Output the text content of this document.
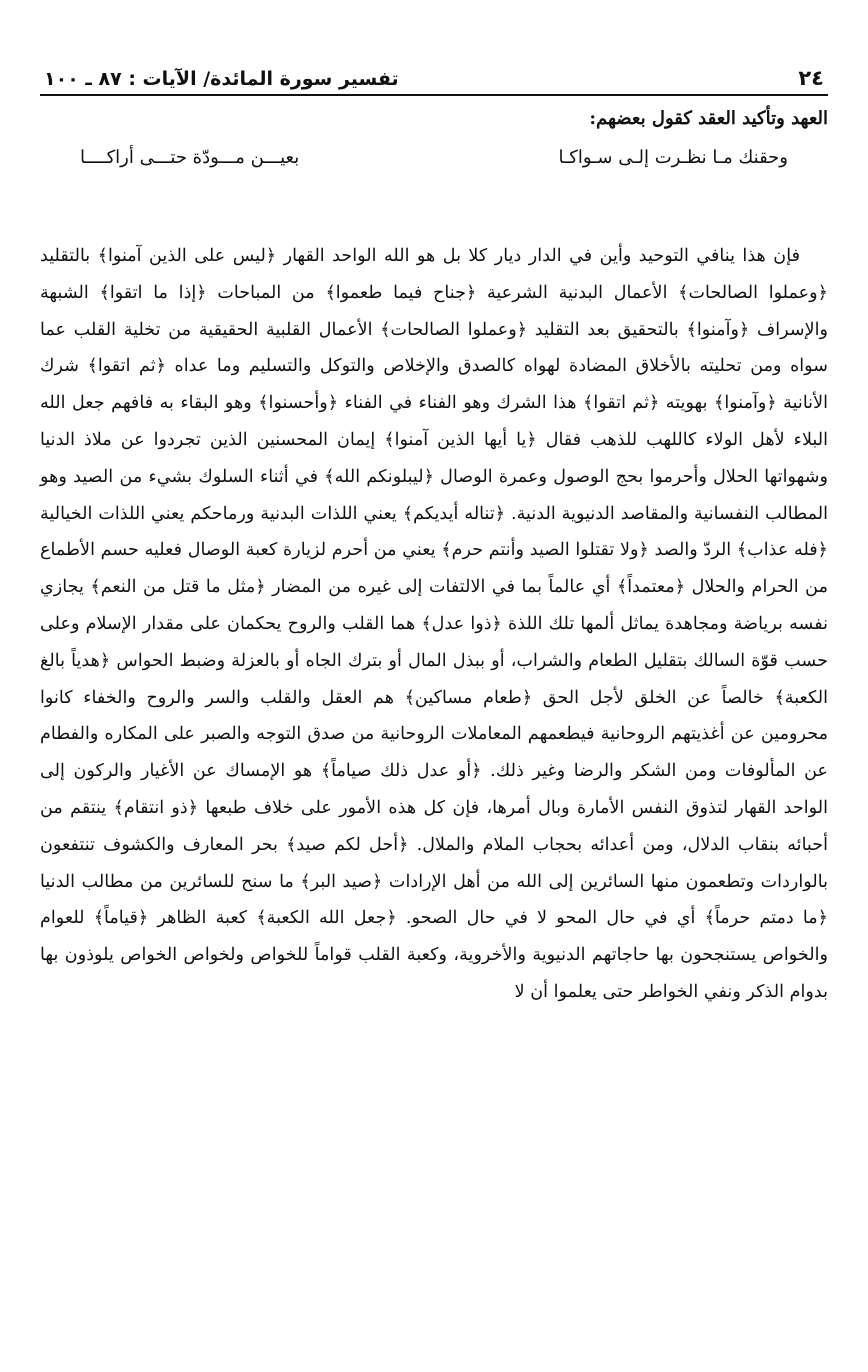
٢٤
تفسير سورة المائدة/ الآيات : ٨٧ ـ ١٠٠
العهد وتأكيد العقد كقول بعضهم:
وحقنك مـا نظـرت إلـى سـواكـا
بعيـــن مـــودّة حتـــى أراكــــا

فإن هذا ينافي التوحيد وأين في الدار ديار كلا بل هو الله الواحد القهار ﴿ليس على الذين آمنوا﴾ بالتقليد ﴿وعملوا الصالحات﴾ الأعمال البدنية الشرعية ﴿جناح فيما طعموا﴾ من المباحات ﴿إذا ما اتقوا﴾ الشبهة والإسراف ﴿وآمنوا﴾ بالتحقيق بعد التقليد ﴿وعملوا الصالحات﴾ الأعمال القلبية الحقيقية من تخلية القلب عما سواه ومن تحليته بالأخلاق المضادة لهواه كالصدق والإخلاص والتوكل والتسليم وما عداه ﴿ثم اتقوا﴾ شرك الأنانية ﴿وآمنوا﴾ بهويته ﴿ثم اتقوا﴾ هذا الشرك وهو الفناء في الفناء ﴿وأحسنوا﴾ وهو البقاء به فافهم جعل الله البلاء لأهل الولاء كاللهب للذهب فقال ﴿يا أيها الذين آمنوا﴾ إيمان المحسنين الذين تجردوا عن ملاذ الدنيا وشهواتها الحلال وأحرموا بحج الوصول وعمرة الوصال ﴿ليبلونكم الله﴾ في أثناء السلوك بشيء من الصيد وهو المطالب النفسانية والمقاصد الدنيوية الدنية. ﴿تناله أيديكم﴾ يعني اللذات البدنية ورماحكم يعني اللذات الخيالية ﴿فله عذاب﴾ الردّ والصد ﴿ولا تقتلوا الصيد وأنتم حرم﴾ يعني من أحرم لزيارة كعبة الوصال فعليه حسم الأطماع من الحرام والحلال ﴿معتمداً﴾ أي عالماً بما في الالتفات إلى غيره من المضار ﴿مثل ما قتل من النعم﴾ يجازي نفسه برياضة ومجاهدة يماثل ألمها تلك اللذة ﴿ذوا عدل﴾ هما القلب والروح يحكمان على مقدار الإسلام وعلى حسب قوّة السالك بتقليل الطعام والشراب، أو ببذل المال أو بترك الجاه أو بالعزلة وضبط الحواس ﴿هدياً بالغ الكعبة﴾ خالصاً عن الخلق لأجل الحق ﴿طعام مساكين﴾ هم العقل والقلب والسر والروح والخفاء كانوا محرومين عن أغذيتهم الروحانية فيطعمهم المعاملات الروحانية من صدق التوجه والصبر على المكاره والفطام عن المألوفات ومن الشكر والرضا وغير ذلك. ﴿أو عدل ذلك صياماً﴾ هو الإمساك عن الأغيار والركون إلى الواحد القهار لتذوق النفس الأمارة وبال أمرها، فإن كل هذه الأمور على خلاف طبعها ﴿ذو انتقام﴾ ينتقم من أحبائه بنقاب الدلال، ومن أعدائه بحجاب الملام والملال. ﴿أحل لكم صيد﴾ بحر المعارف والكشوف تنتفعون بالواردات وتطعمون منها السائرين إلى الله من أهل الإرادات ﴿صيد البر﴾ ما سنح للسائرين من مطالب الدنيا ﴿ما دمتم حرماً﴾ أي في حال المحو لا في حال الصحو. ﴿جعل الله الكعبة﴾ كعبة الظاهر ﴿قياماً﴾ للعوام والخواص يستنجحون بها حاجاتهم الدنيوية والأخروية، وكعبة القلب قواماً للخواص ولخواص الخواص يلوذون بها بدوام الذكر ونفي الخواطر حتى يعلموا أن لا
